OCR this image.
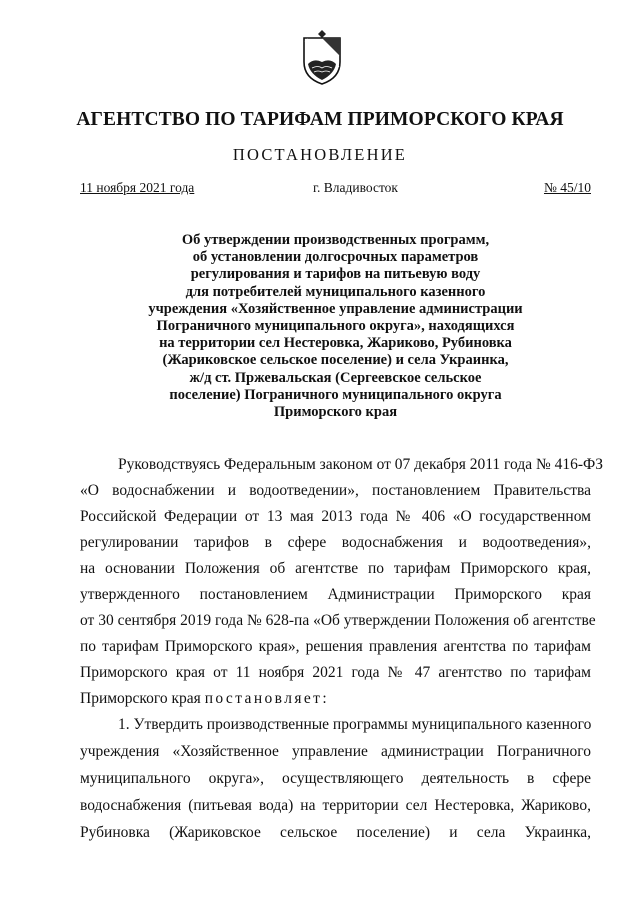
АГЕНТСТВО ПО ТАРИФАМ ПРИМОРСКОГО КРАЯ
ПОСТАНОВЛЕНИЕ
11 ноября 2021 года	г. Владивосток	№ 45/10
Об утверждении производственных программ,
об установлении долгосрочных параметров
регулирования и тарифов на питьевую воду
для потребителей муниципального казенного
учреждения «Хозяйственное управление администрации
Пограничного муниципального округа», находящихся
на территории сел Нестеровка, Жариково, Рубиновка
(Жариковское сельское поселение) и села Украинка,
ж/д ст. Пржевальская (Сергеевское сельское
поселение) Пограничного муниципального округа
Приморского края
Руководствуясь Федеральным законом от 07 декабря 2011 года № 416-ФЗ
«О водоснабжении и водоотведении», постановлением Правительства
Российской Федерации от 13 мая 2013 года № 406 «О государственном
регулировании тарифов в сфере водоснабжения и водоотведения»,
на основании Положения об агентстве по тарифам Приморского края,
утвержденного постановлением Администрации Приморского края
от 30 сентября 2019 года № 628-па «Об утверждении Положения об агентстве
по тарифам Приморского края», решения правления агентства по тарифам
Приморского края от 11 ноября 2021 года № 47 агентство по тарифам
Приморского края постановляет:
1. Утвердить производственные программы муниципального казенного
учреждения «Хозяйственное управление администрации Пограничного
муниципального округа», осуществляющего деятельность в сфере
водоснабжения (питьевая вода) на территории сел Нестеровка, Жариково,
Рубиновка (Жариковское сельское поселение) и села Украинка,
